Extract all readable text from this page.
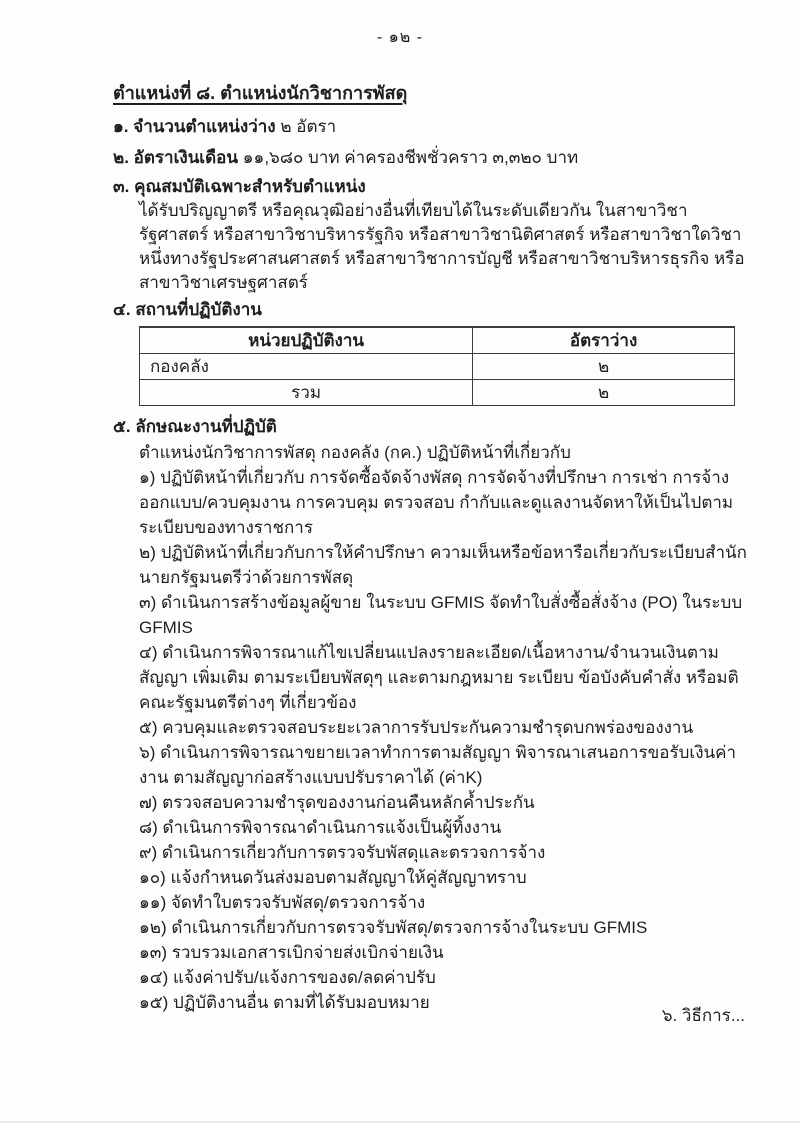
- ๑๒ -
ตำแหน่งที่ ๘. ตำแหน่งนักวิชาการพัสดุ
๑. จำนวนตำแหน่งว่าง ๒ อัตรา
๒. อัตราเงินเดือน ๑๑,๖๘๐ บาท ค่าครองชีพชั่วคราว ๓,๓๒๐ บาท
๓. คุณสมบัติเฉพาะสำหรับตำแหน่ง
ได้รับปริญญาตรี หรือคุณวุฒิอย่างอื่นที่เทียบได้ในระดับเดียวกัน ในสาขาวิชารัฐศาสตร์ หรือสาขาวิชา​บริหารรัฐกิจ หรือสาขาวิชานิติศาสตร์ หรือสาขาวิชาใดวิชาหนึ่งทางรัฐประศาสนศาสตร์ หรือสาขาวิชาการบัญชี หรือสาขาวิชาบริหารธุรกิจ หรือสาขาวิชาเศรษฐศาสตร์
๔. สถานที่ปฏิบัติงาน
หน่วยปฏิบัติงาน	อัตราว่าง
กองคลัง	๒
รวม	๒
๕. ลักษณะงานที่ปฏิบัติ
ตำแหน่งนักวิชาการพัสดุ กองคลัง (กค.) ปฏิบัติหน้าที่เกี่ยวกับ
๑) ปฏิบัติหน้าที่เกี่ยวกับ การจัดซื้อจัดจ้างพัสดุ การจัดจ้างที่ปรึกษา การเช่า การจ้างออกแบบ/ควบคุมงาน การควบคุม ตรวจสอบ กำกับและดูแลงานจัดหาให้เป็นไปตามระเบียบของทางราชการ
๒) ปฏิบัติหน้าที่เกี่ยวกับการให้คำปรึกษา ความเห็นหรือข้อหารือเกี่ยวกับระเบียบสำนักนายกรัฐมนตรีว่าด้วย​การพัสดุ
๓) ดำเนินการสร้างข้อมูลผู้ขาย ในระบบ GFMIS จัดทำใบสั่งซื้อสั่งจ้าง (PO) ในระบบ GFMIS
๔) ดำเนินการพิจารณาแก้ไขเปลี่ยนแปลงรายละเอียด/เนื้อหางาน/จำนวนเงินตามสัญญา เพิ่มเติม ตามระเบียบพัสดุๆ และตามกฎหมาย ระเบียบ ข้อบังคับคำสั่ง หรือมติคณะรัฐมนตรีต่างๆ ที่เกี่ยวข้อง
๕) ควบคุมและตรวจสอบระยะเวลาการรับประกันความชำรุดบกพร่องของงาน
๖) ดำเนินการพิจารณาขยายเวลาทำการตามสัญญา พิจารณาเสนอการขอรับเงินค่างาน ตามสัญญา​ก่อสร้างแบบปรับราคาได้ (ค่าK)
๗) ตรวจสอบความชำรุดของงานก่อนคืนหลักค้ำประกัน
๘) ดำเนินการพิจารณาดำเนินการแจ้งเป็นผู้ทิ้งงาน
๙) ดำเนินการเกี่ยวกับการตรวจรับพัสดุและตรวจการจ้าง
๑๐) แจ้งกำหนดวันส่งมอบตามสัญญาให้คู่สัญญาทราบ
๑๑) จัดทำใบตรวจรับพัสดุ/ตรวจการจ้าง
๑๒) ดำเนินการเกี่ยวกับการตรวจรับพัสดุ/ตรวจการจ้างในระบบ GFMIS
๑๓) รวบรวมเอกสารเบิกจ่ายส่งเบิกจ่ายเงิน
๑๔) แจ้งค่าปรับ/แจ้งการของด/ลดค่าปรับ
๑๕) ปฏิบัติงานอื่น ตามที่ได้รับมอบหมาย
๖. วิธีการ...
